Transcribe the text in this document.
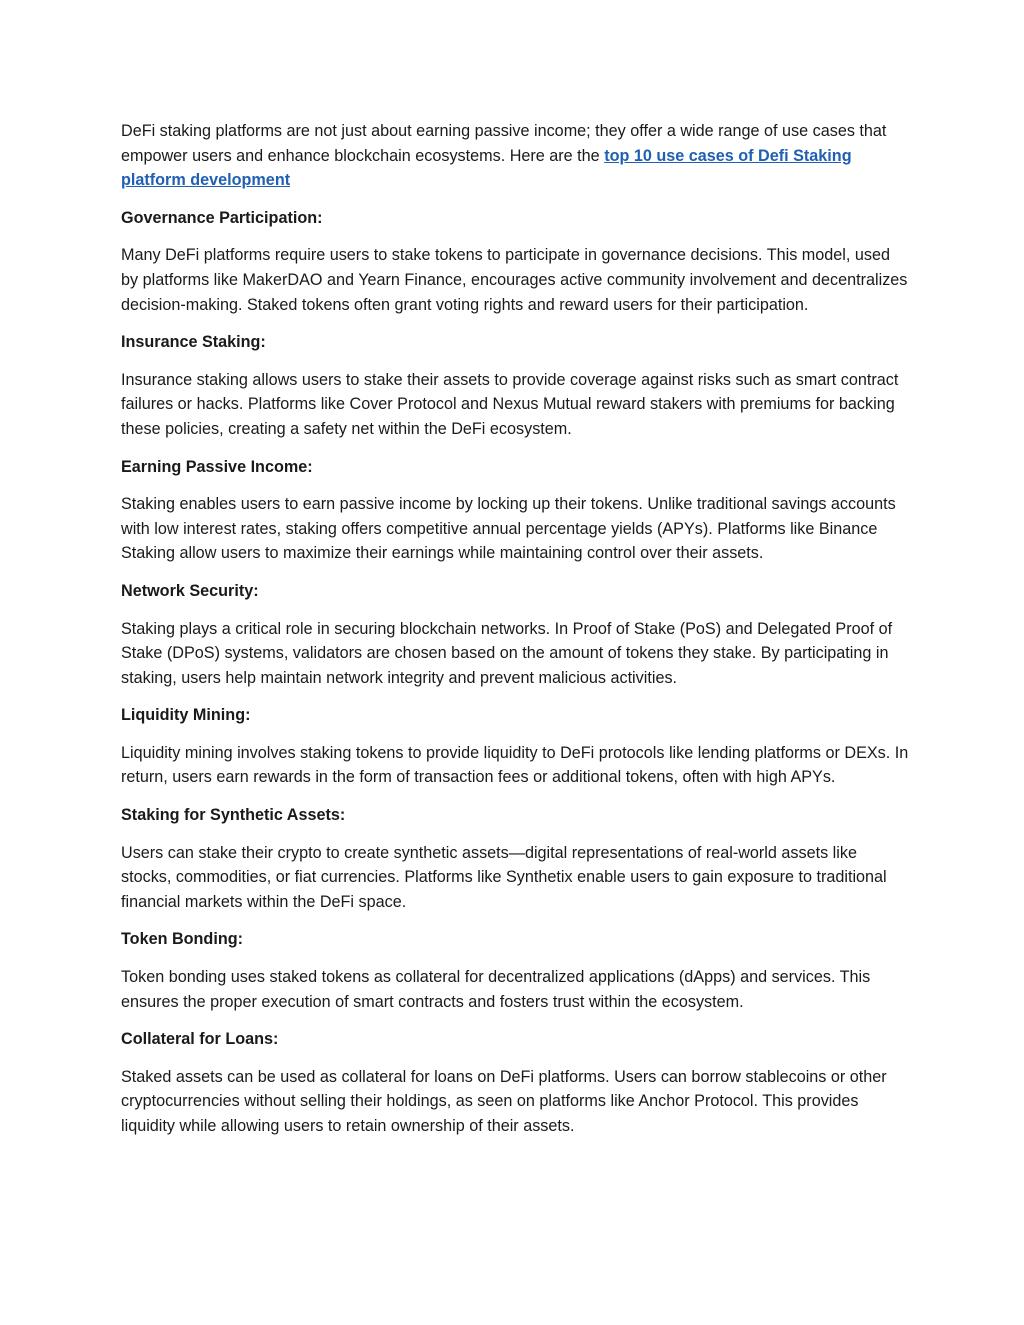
DeFi staking platforms are not just about earning passive income; they offer a wide range of use cases that empower users and enhance blockchain ecosystems. Here are the top 10 use cases of Defi Staking platform development

Governance Participation:

Many DeFi platforms require users to stake tokens to participate in governance decisions. This model, used by platforms like MakerDAO and Yearn Finance, encourages active community involvement and decentralizes decision-making. Staked tokens often grant voting rights and reward users for their participation.

Insurance Staking:

Insurance staking allows users to stake their assets to provide coverage against risks such as smart contract failures or hacks. Platforms like Cover Protocol and Nexus Mutual reward stakers with premiums for backing these policies, creating a safety net within the DeFi ecosystem.

Earning Passive Income:

Staking enables users to earn passive income by locking up their tokens. Unlike traditional savings accounts with low interest rates, staking offers competitive annual percentage yields (APYs). Platforms like Binance Staking allow users to maximize their earnings while maintaining control over their assets.

Network Security:

Staking plays a critical role in securing blockchain networks. In Proof of Stake (PoS) and Delegated Proof of Stake (DPoS) systems, validators are chosen based on the amount of tokens they stake. By participating in staking, users help maintain network integrity and prevent malicious activities.

Liquidity Mining:

Liquidity mining involves staking tokens to provide liquidity to DeFi protocols like lending platforms or DEXs. In return, users earn rewards in the form of transaction fees or additional tokens, often with high APYs.

Staking for Synthetic Assets:

Users can stake their crypto to create synthetic assets—digital representations of real-world assets like stocks, commodities, or fiat currencies. Platforms like Synthetix enable users to gain exposure to traditional financial markets within the DeFi space.

Token Bonding:

Token bonding uses staked tokens as collateral for decentralized applications (dApps) and services. This ensures the proper execution of smart contracts and fosters trust within the ecosystem.

Collateral for Loans:

Staked assets can be used as collateral for loans on DeFi platforms. Users can borrow stablecoins or other cryptocurrencies without selling their holdings, as seen on platforms like Anchor Protocol. This provides liquidity while allowing users to retain ownership of their assets.
